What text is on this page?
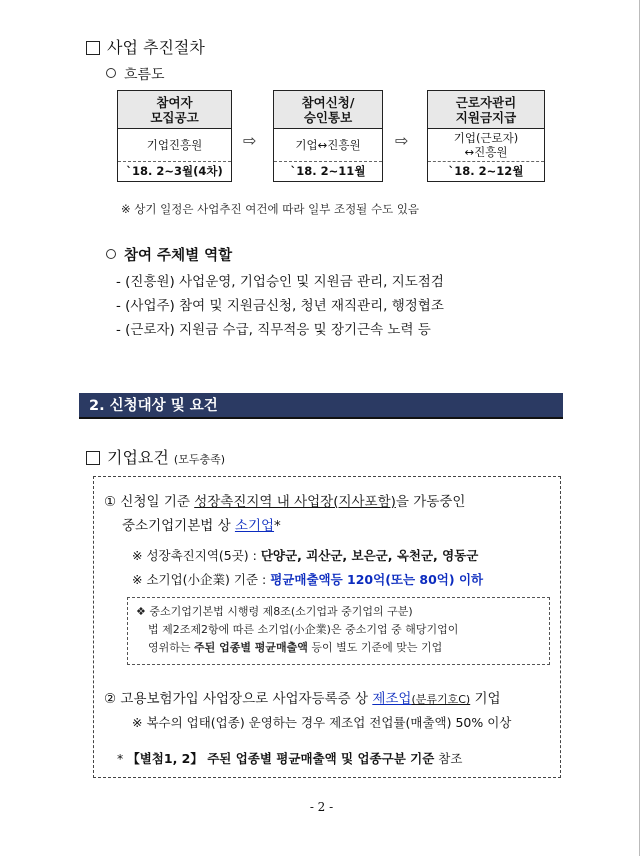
사업 추진절차
흐름도
참여자
모집공고
기업진흥원
`18. 2~3월(4차)
⇨
참여신청/
승인통보
기업↔진흥원
`18. 2~11월
⇨
근로자관리
지원금지급
기업(근로자)
↔진흥원
`18. 2~12월
※ 상기 일정은 사업추진 여건에 따라 일부 조정될 수도 있음
참여 주체별 역할
- (진흥원) 사업운영, 기업승인 및 지원금 관리, 지도점검
- (사업주) 참여 및 지원금신청, 청년 재직관리, 행정협조
- (근로자) 지원금 수급, 직무적응 및 장기근속 노력 등
2. 신청대상 및 요건
기업요건 (모두충족)
① 신청일 기준 성장촉진지역 내 사업장(지사포함)을 가동중인
중소기업기본법 상 소기업*
※ 성장촉진지역(5곳) : 단양군, 괴산군, 보은군, 옥천군, 영동군
※ 소기업(小企業) 기준 : 평균매출액등 120억(또는 80억) 이하
❖ 중소기업기본법 시행령 제8조(소기업과 중기업의 구분)
법 제2조제2항에 따른 소기업(小企業)은 중소기업 중 해당기업이
영위하는 주된 업종별 평균매출액 등이 별도 기준에 맞는 기업
② 고용보험가입 사업장으로 사업자등록증 상 제조업(분류기호C) 기업
※ 복수의 업태(업종) 운영하는 경우 제조업 전업률(매출액) 50% 이상
* 【별첨1, 2】 주된 업종별 평균매출액 및 업종구분 기준 참조
- 2 -
